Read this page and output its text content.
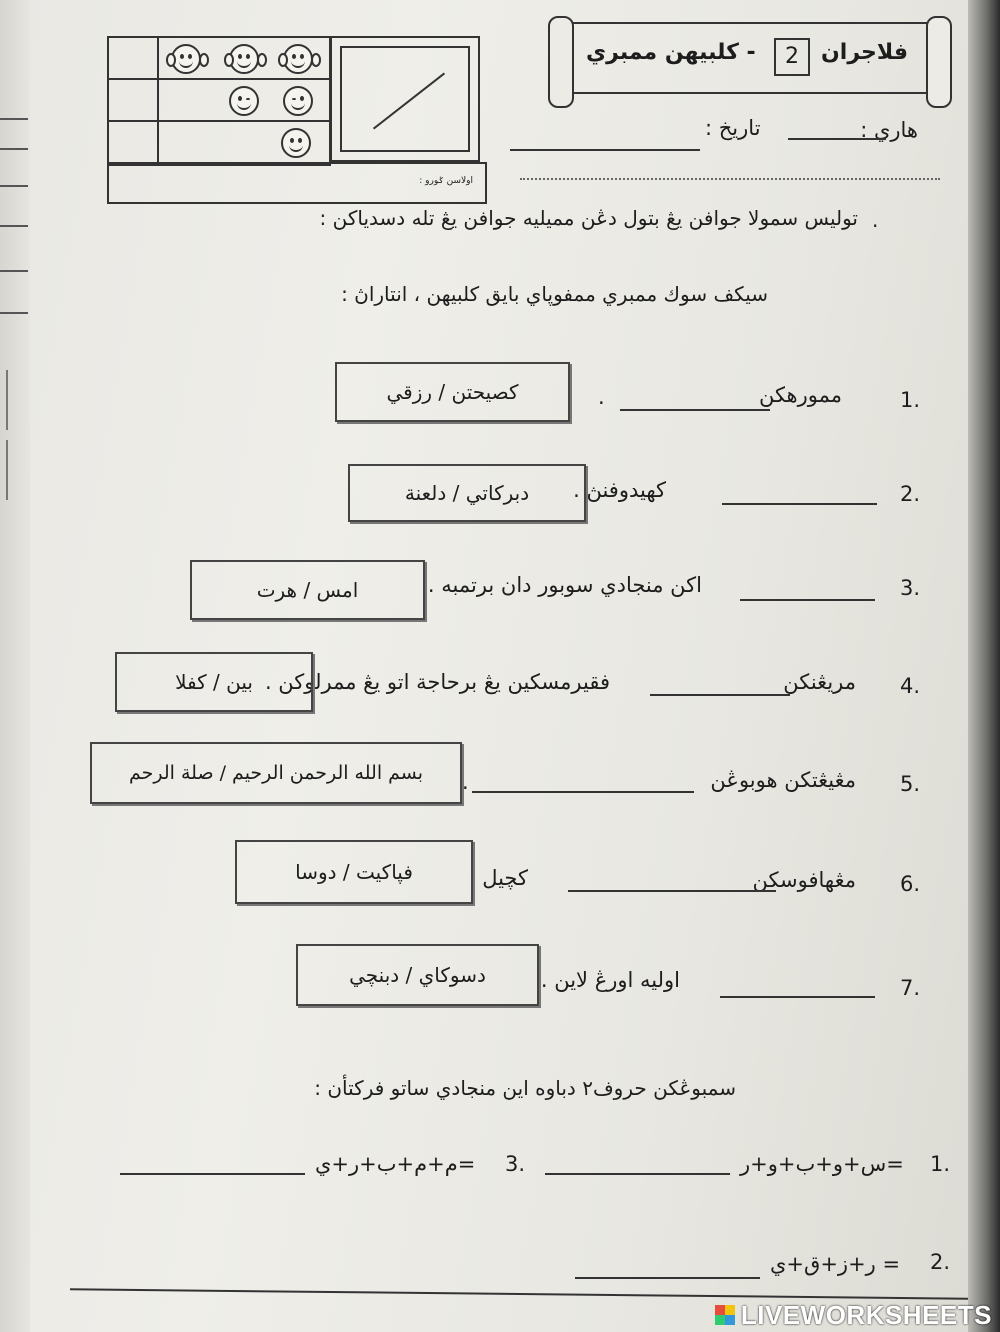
اولاسن ݢورو :
2	فلاجران  - كلبيهن ممبري
هاري :
تاريخ :
توليس سمولا جوافن يڠ بتول دڠن مميليه جوافن يڠ تله دسدياكن : .
سيكف سوك ممبري ممفوپاي بايق كلبيهن ، انتاراڽ :
1.
ممورهكن
.
كصيحتن / رزقي
2.
كهيدوفنڽ .
دبركاتي / دلعنة
3.
اكن منجادي سوبور دان برتمبه .
امس / هرت
4.
مريڠنكن
فقيرمسكين يڠ برحاجة اتو يڠ ممرلوكن .
بين / كفلا
5.
مڠيڠتكن هوبوڠن
.
بسم الله الرحمن الرحيم / صلة الرحم
6.
مڠهافوسكن
كچيل .
فپاكيت / دوسا
7.
اوليه اورڠ لاين .
دسوكاي / دبنچي
سمبوڠكن حروف٢ دباوه اين منجادي ساتو فركتأن :
1.
س+و+ب+و+ر=
3.
م+م+ب+ر+ي=
2.
ر+ز+ق+ي =
LIVEWORKSHEETS
